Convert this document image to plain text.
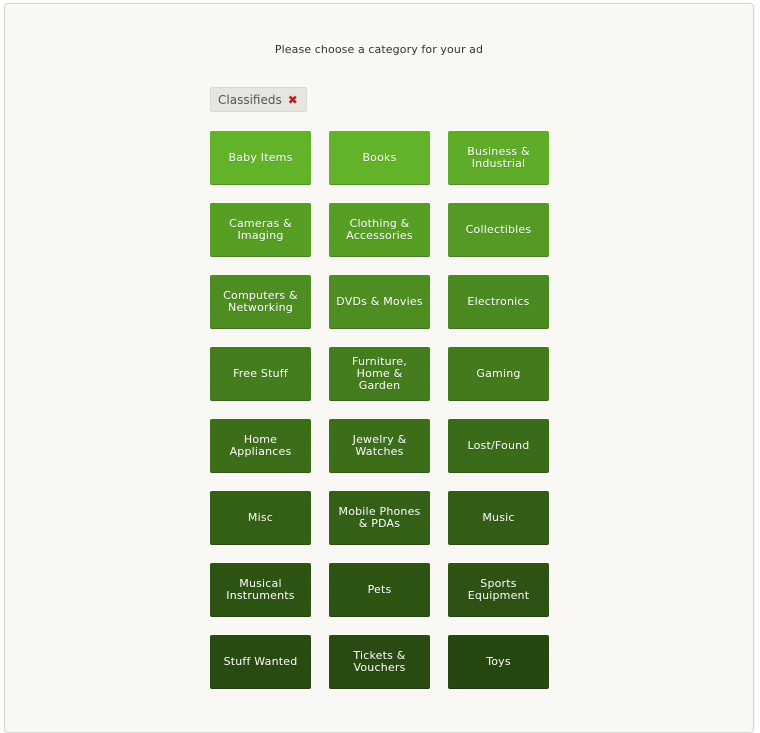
Please choose a category for your ad
Classifieds ✖
Baby Items	Books	Business & Industrial
Cameras & Imaging
Clothing & Accessories	Collectibles
Computers & Networking	DVDs & Movies	Electronics
Free Stuff
Furniture, Home & Garden
Gaming
Home Appliances
Jewelry & Watches	Lost/Found
Misc	Mobile Phones & PDAs	Music
Musical Instruments	Pets	Sports Equipment
Stuff Wanted	Tickets & Vouchers	Toys
